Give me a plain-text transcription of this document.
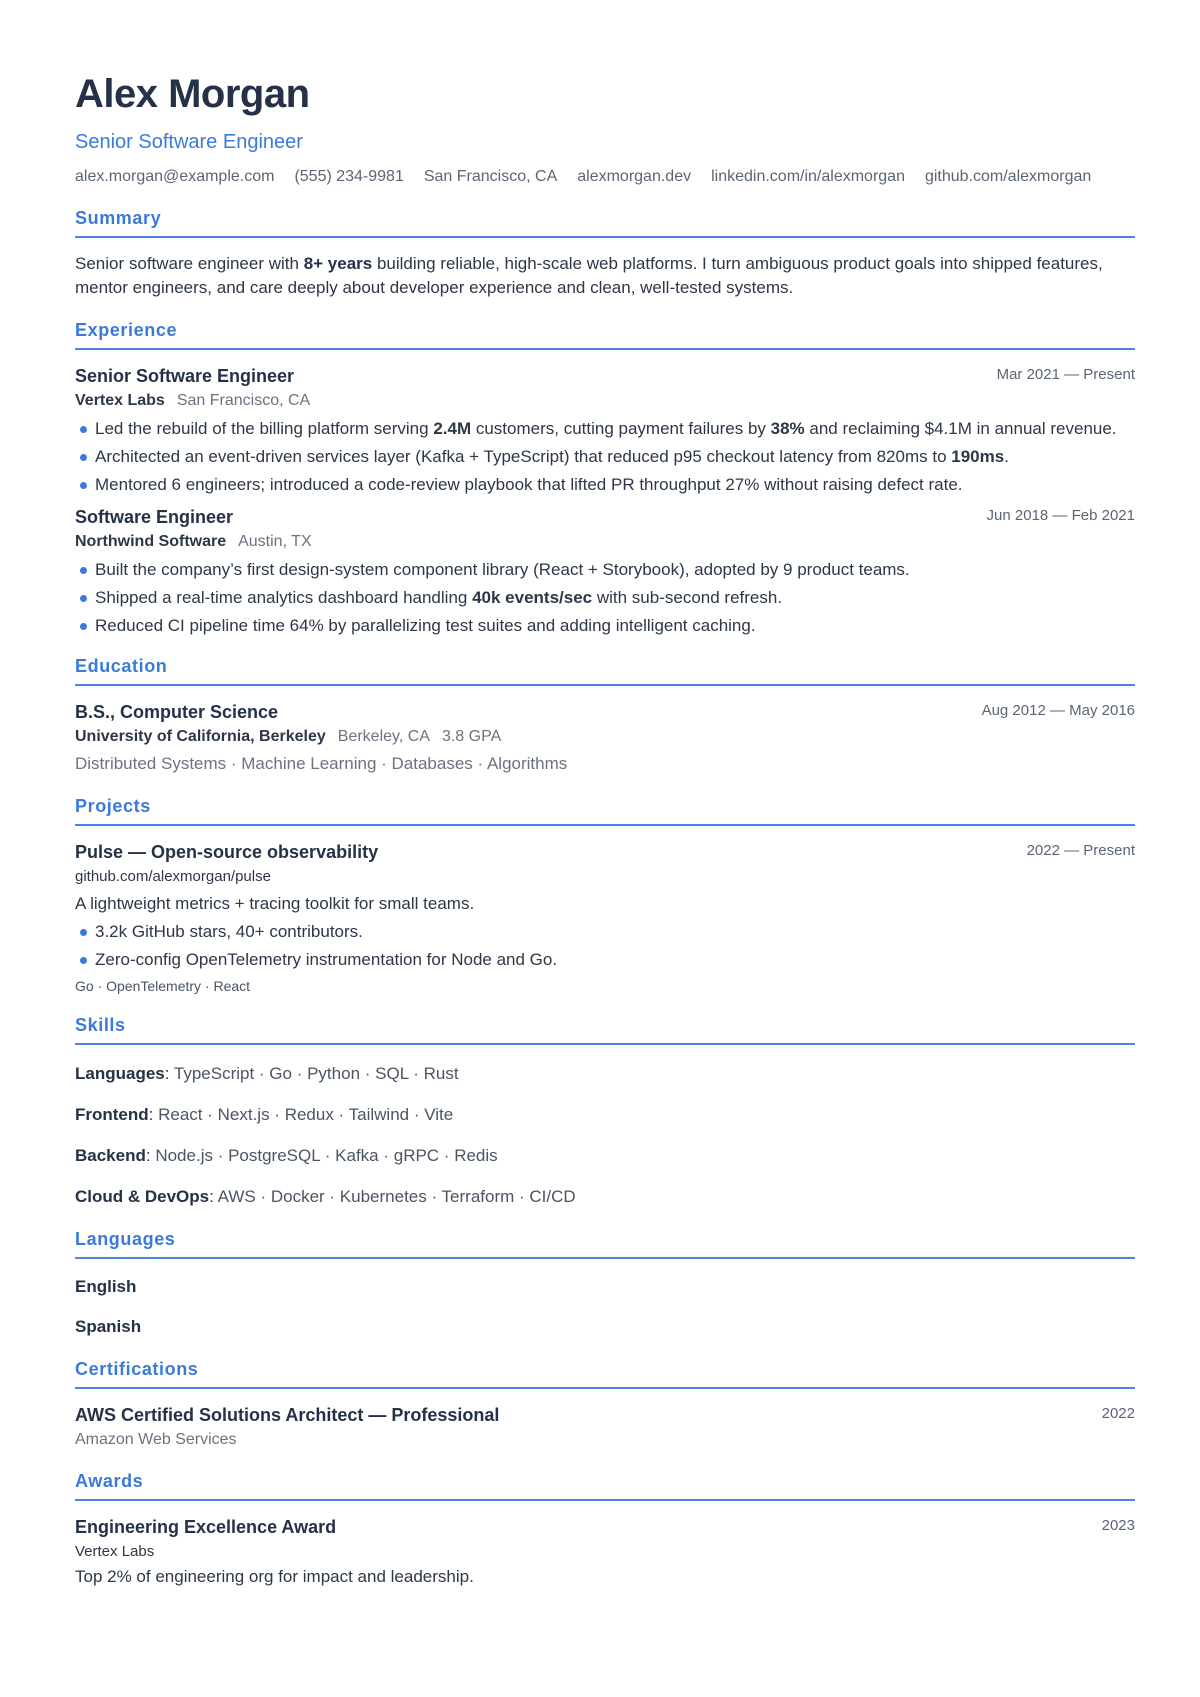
Alex Morgan
Senior Software Engineer
alex.morgan@example.com (555) 234-9981 San Francisco, CA alexmorgan.dev linkedin.com/in/alexmorgan github.com/alexmorgan
Summary
Senior software engineer with 8+ years building reliable, high-scale web platforms. I turn ambiguous product goals into shipped features, mentor engineers, and care deeply about developer experience and clean, well-tested systems.
Experience
Senior Software Engineer	Mar 2021 — Present
Vertex Labs San Francisco, CA
Led the rebuild of the billing platform serving 2.4M customers, cutting payment failures by 38% and reclaiming $4.1M in annual revenue.
Architected an event-driven services layer (Kafka + TypeScript) that reduced p95 checkout latency from 820ms to 190ms.
Mentored 6 engineers; introduced a code-review playbook that lifted PR throughput 27% without raising defect rate.
Software Engineer	Jun 2018 — Feb 2021
Northwind Software Austin, TX
Built the company’s first design-system component library (React + Storybook), adopted by 9 product teams.
Shipped a real-time analytics dashboard handling 40k events/sec with sub-second refresh.
Reduced CI pipeline time 64% by parallelizing test suites and adding intelligent caching.
Education
B.S., Computer Science	Aug 2012 — May 2016
University of California, Berkeley Berkeley, CA 3.8 GPA
Distributed Systems · Machine Learning · Databases · Algorithms
Projects
Pulse — Open-source observability	2022 — Present
github.com/alexmorgan/pulse
A lightweight metrics + tracing toolkit for small teams.
3.2k GitHub stars, 40+ contributors.
Zero-config OpenTelemetry instrumentation for Node and Go.
Go · OpenTelemetry · React
Skills
Languages: TypeScript · Go · Python · SQL · Rust
Frontend: React · Next.js · Redux · Tailwind · Vite
Backend: Node.js · PostgreSQL · Kafka · gRPC · Redis
Cloud & DevOps: AWS · Docker · Kubernetes · Terraform · CI/CD
Languages
English
Spanish
Certifications
AWS Certified Solutions Architect — Professional	2022
Amazon Web Services
Awards
Engineering Excellence Award	2023
Vertex Labs
Top 2% of engineering org for impact and leadership.
